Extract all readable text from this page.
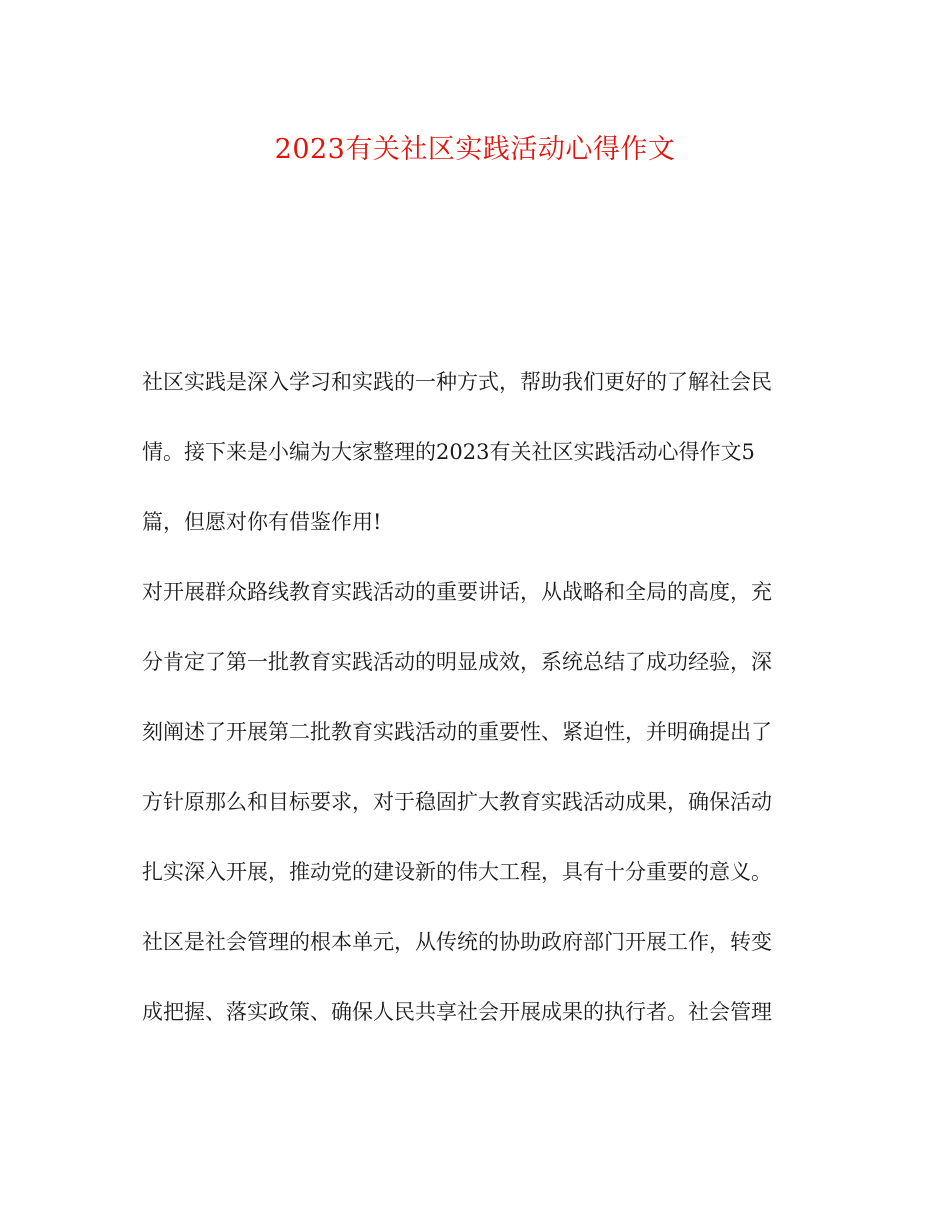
2023有关社区实践活动心得作文
社区实践是深入学习和实践的一种方式，帮助我们更好的了解社会民
情。接下来是小编为大家整理的2023有关社区实践活动心得作文5
篇，但愿对你有借鉴作用!
对开展群众路线教育实践活动的重要讲话，从战略和全局的高度，充
分肯定了第一批教育实践活动的明显成效，系统总结了成功经验，深
刻阐述了开展第二批教育实践活动的重要性、紧迫性，并明确提出了
方针原那么和目标要求，对于稳固扩大教育实践活动成果，确保活动
扎实深入开展，推动党的建设新的伟大工程，具有十分重要的意义。
社区是社会管理的根本单元，从传统的协助政府部门开展工作，转变
成把握、落实政策、确保人民共享社会开展成果的执行者。社会管理
